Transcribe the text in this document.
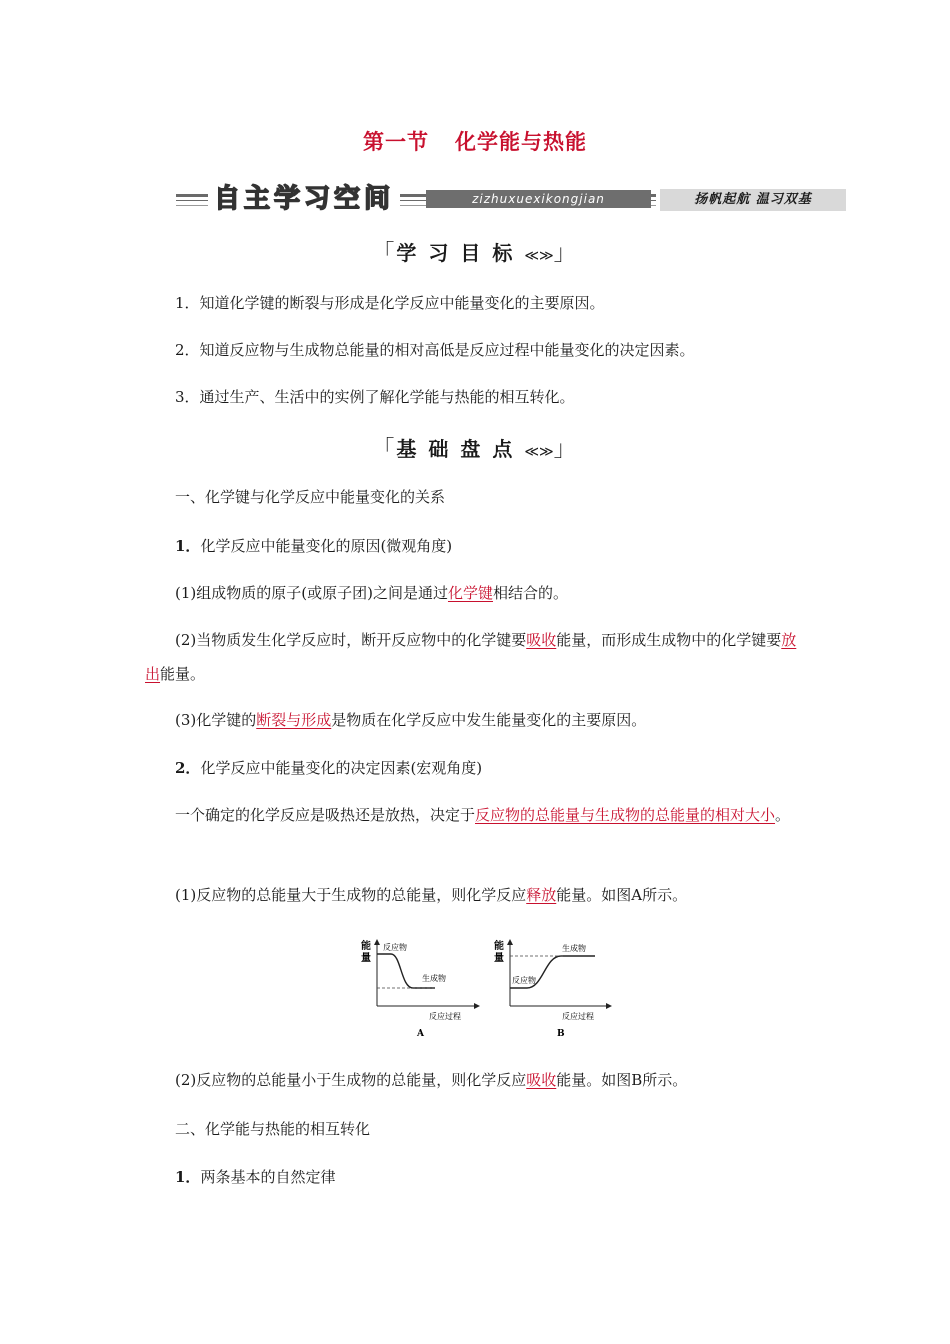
第一节 化学能与热能
自主学习空间	zizhuxuexikongjian	扬帆起航 温习双基
「学习目标≪≫」
1．知道化学键的断裂与形成是化学反应中能量变化的主要原因。
2．知道反应物与生成物总能量的相对高低是反应过程中能量变化的决定因素。
3．通过生产、生活中的实例了解化学能与热能的相互转化。
「基础盘点≪≫」
一、化学键与化学反应中能量变化的关系
1．化学反应中能量变化的原因(微观角度)
(1)组成物质的原子(或原子团)之间是通过化学键相结合的。
(2)当物质发生化学反应时，断开反应物中的化学键要吸收能量，而形成生成物中的化学键要放出能量。
(3)化学键的断裂与形成是物质在化学反应中发生能量变化的主要原因。
2．化学反应中能量变化的决定因素(宏观角度)
一个确定的化学反应是吸热还是放热，决定于反应物的总能量与生成物的总能量的相对大小。
(1)反应物的总能量大于生成物的总能量，则化学反应释放能量。如图A所示。
能
量
反应物
生成物
反应过程
A
能
量
生成物
反应物
反应过程
B
(2)反应物的总能量小于生成物的总能量，则化学反应吸收能量。如图B所示。
二、化学能与热能的相互转化
1．两条基本的自然定律
